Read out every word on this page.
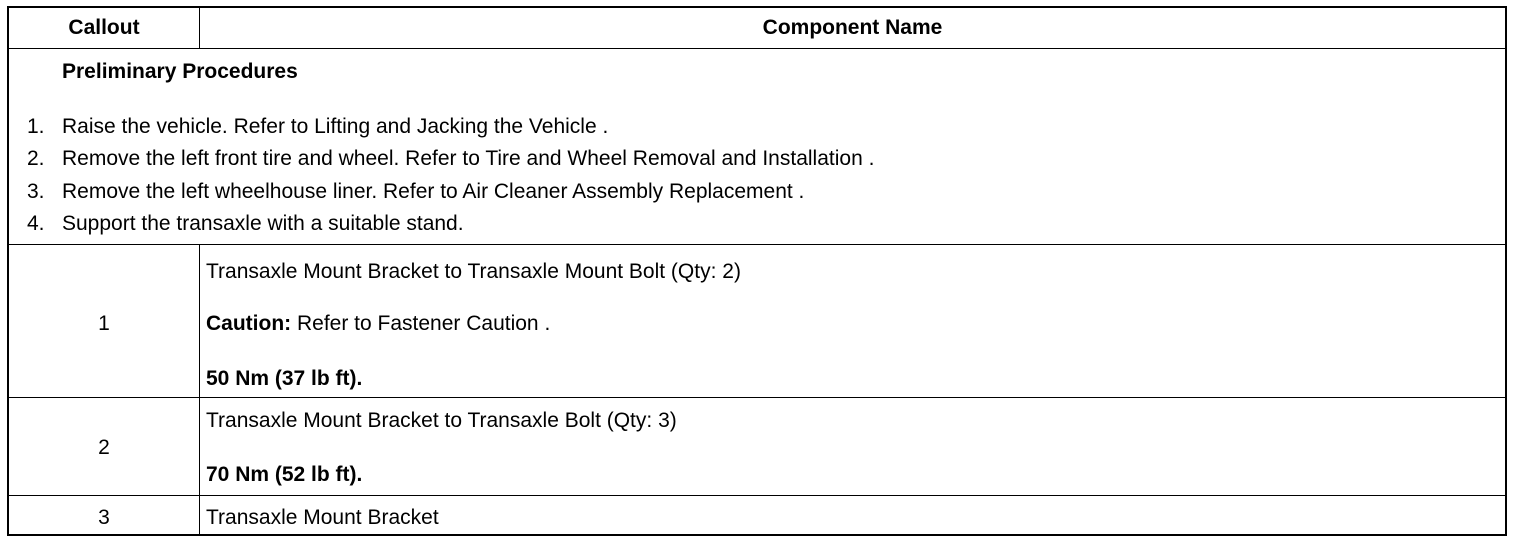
Callout	Component Name
Preliminary Procedures
1. Raise the vehicle. Refer to Lifting and Jacking the Vehicle .
2. Remove the left front tire and wheel. Refer to Tire and Wheel Removal and Installation .
3. Remove the left wheelhouse liner. Refer to Air Cleaner Assembly Replacement .
4. Support the transaxle with a suitable stand.
1
Transaxle Mount Bracket to Transaxle Mount Bolt (Qty: 2)
Caution: Refer to Fastener Caution .
50 Nm (37 lb ft).
2
Transaxle Mount Bracket to Transaxle Bolt (Qty: 3)
70 Nm (52 lb ft).
3	Transaxle Mount Bracket
